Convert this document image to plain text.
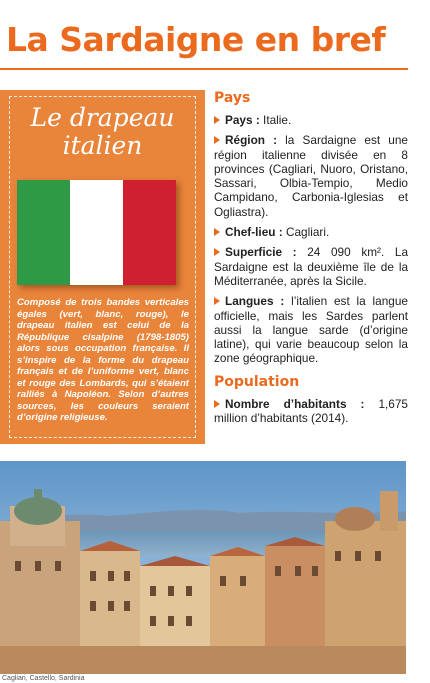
La Sardaigne en bref
Le drapeau
italien
Composé de trois bandes verticales égales (vert, blanc, rouge), le drapeau italien est celui de la République cisalpine (1798-1805) alors sous occupation française. Il s’inspire de la forme du drapeau français et de l’uniforme vert, blanc et rouge des Lombards, qui s’étaient ralliés à Napoléon. Selon d’autres sources, les couleurs seraient d’origine religieuse.
Pays
Pays : Italie.
Région : la Sardaigne est une région italienne divisée en 8 provinces (Cagliari, Nuoro, Oristano, Sassari, Olbia-Tempio, Medio Campidano, Carbonia-Iglesias et Ogliastra).
Chef-lieu : Cagliari.
Superficie : 24 090 km². La Sardaigne est la deuxième île de la Méditerranée, après la Sicile.
Langues : l’italien est la langue officielle, mais les Sardes parlent aussi la langue sarde (d’origine latine), qui varie beaucoup selon la zone géographique.
Population
Nombre d’habitants : 1,675 million d’habitants (2014).
Cagliari, Castello, Sardinia
